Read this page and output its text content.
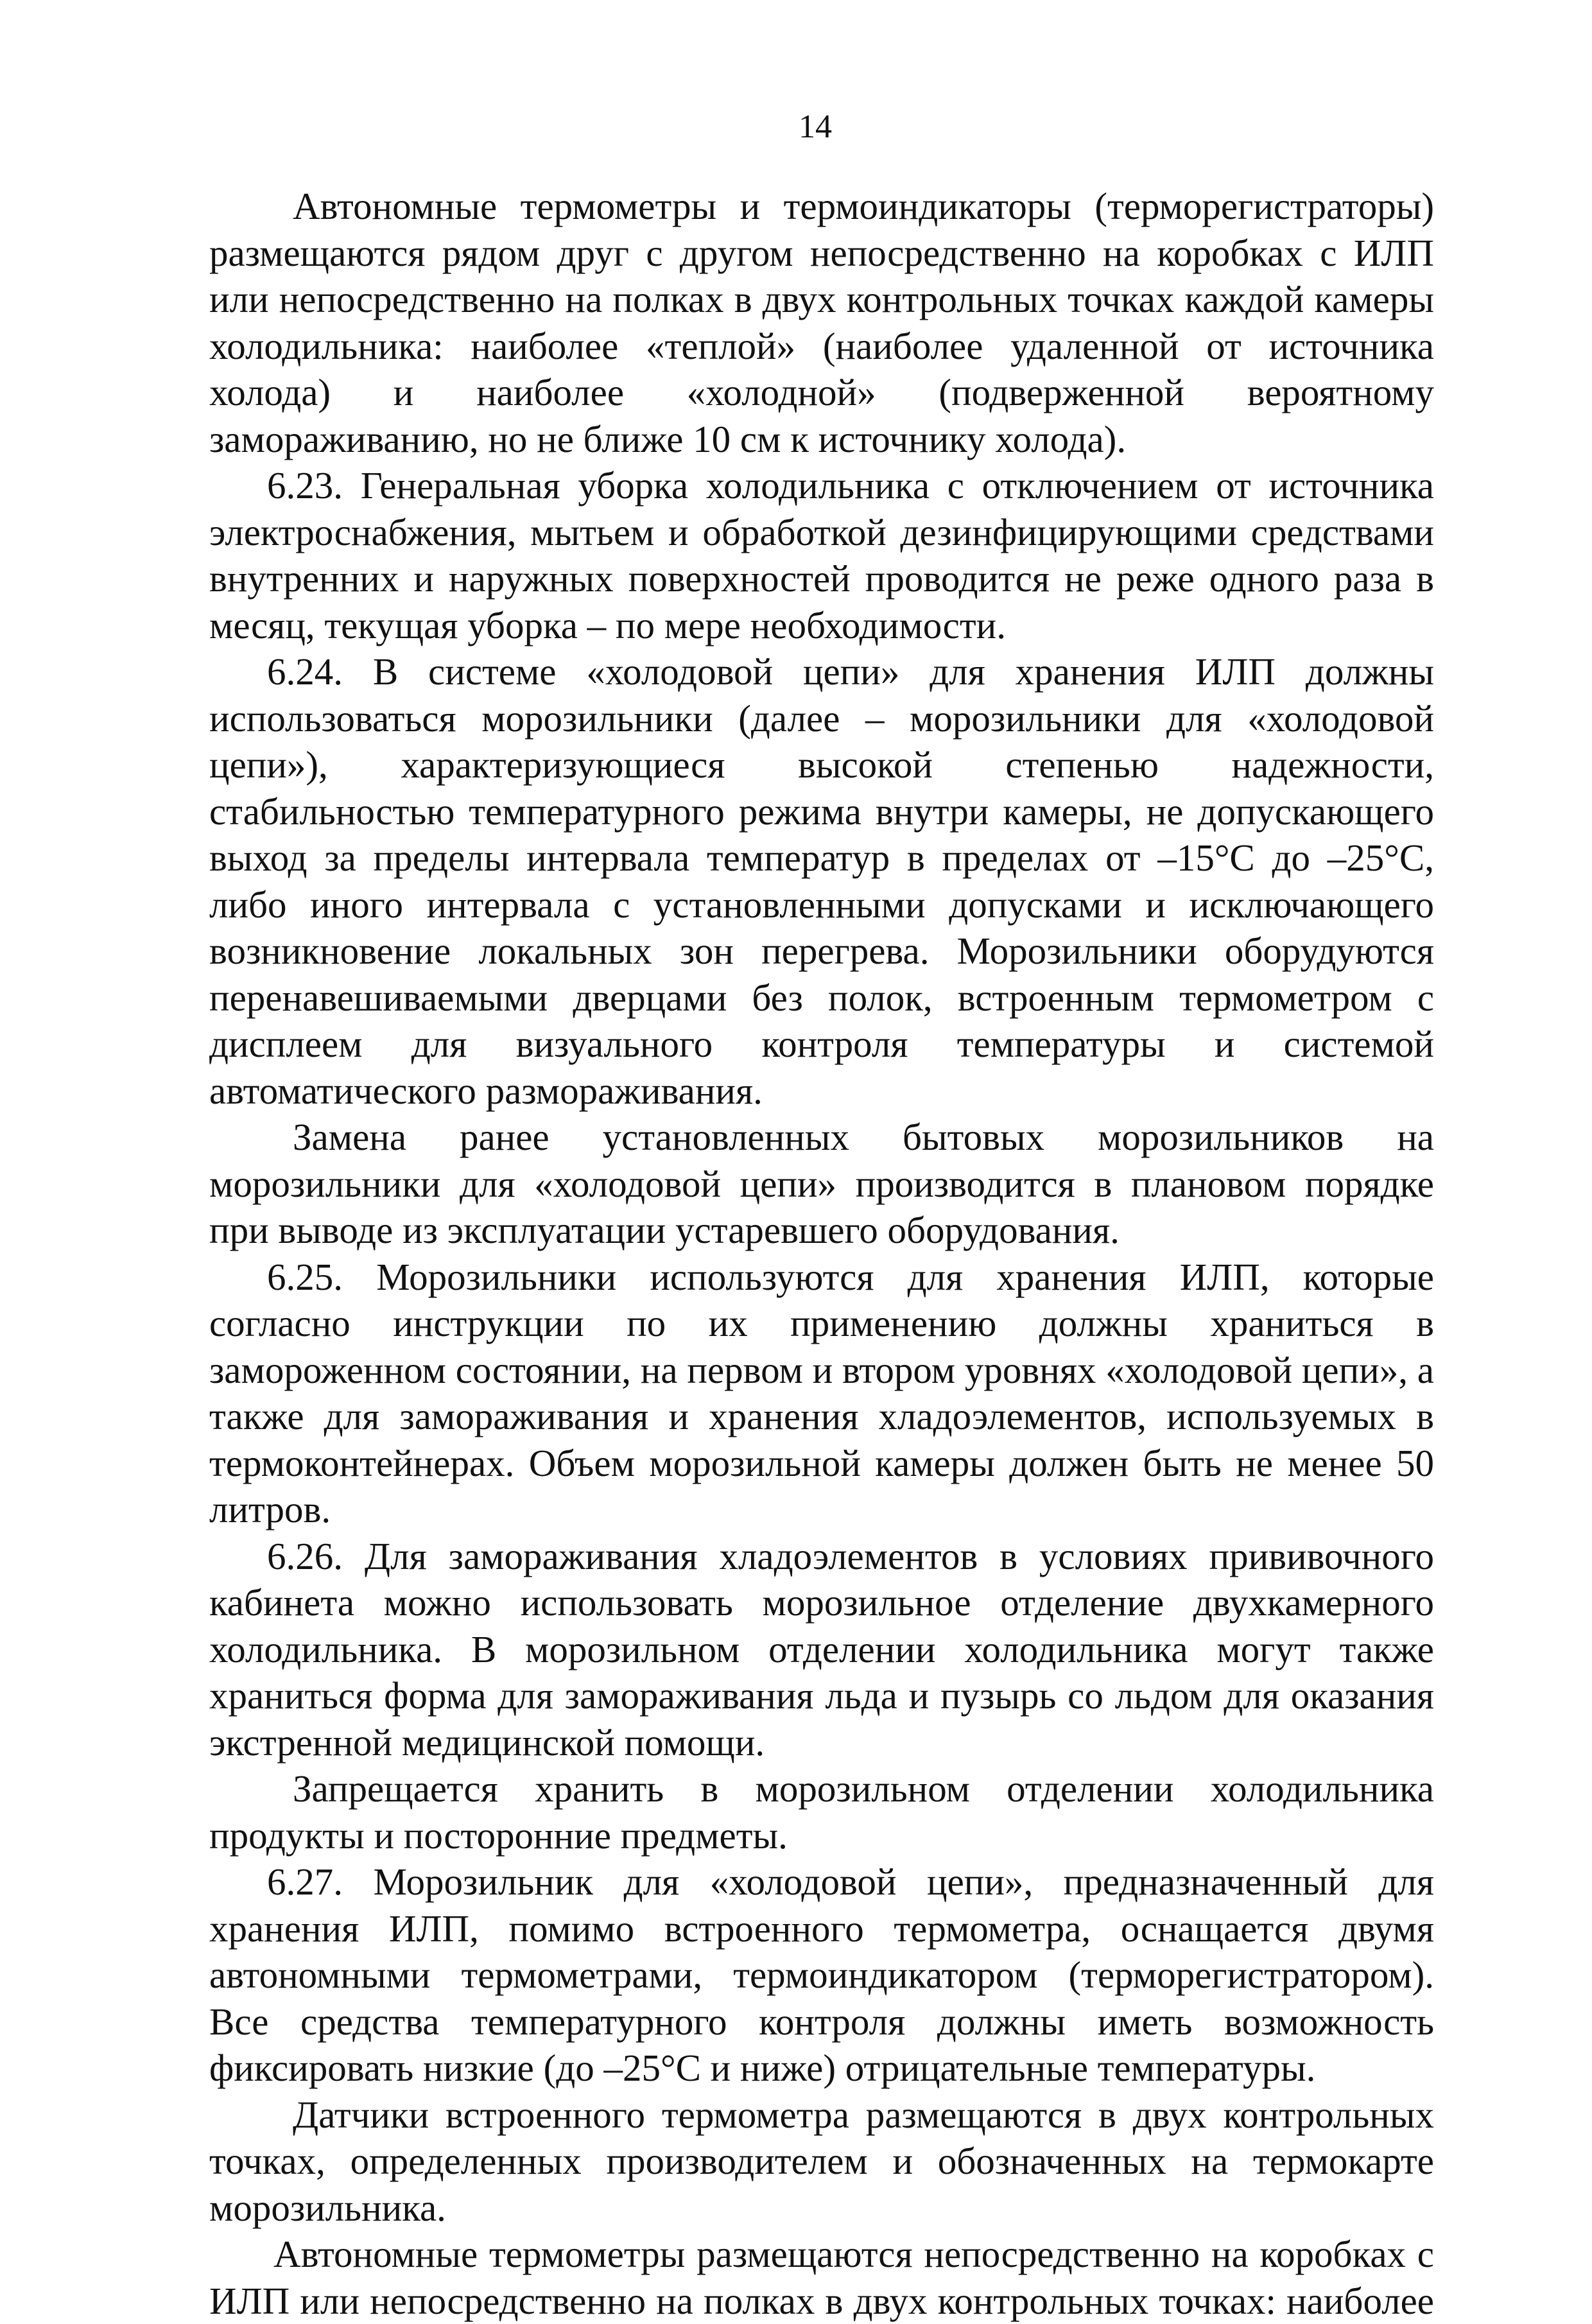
14

Автономные термометры и термоиндикаторы (терморегистраторы) размещаются рядом друг с другом непосредственно на коробках с ИЛП или непосредственно на полках в двух контрольных точках каждой камеры холодильника: наиболее «теплой» (наиболее удаленной от источника холода) и наиболее «холодной» (подверженной вероятному замораживанию, но не ближе 10 см к источнику холода).

6.23. Генеральная уборка холодильника с отключением от источника электроснабжения, мытьем и обработкой дезинфицирующими средствами внутренних и наружных поверхностей проводится не реже одного раза в месяц, текущая уборка – по мере необходимости.

6.24. В системе «холодовой цепи» для хранения ИЛП должны использоваться морозильники (далее – морозильники для «холодовой цепи»), характеризующиеся высокой степенью надежности, стабильностью температурного режима внутри камеры, не допускающего выход за пределы интервала температур в пределах от –15°С до –25°С, либо иного интервала с установленными допусками и исключающего возникновение локальных зон перегрева. Морозильники оборудуются перенавешиваемыми дверцами без полок, встроенным термометром с дисплеем для визуального контроля температуры и системой автоматического размораживания.

Замена ранее установленных бытовых морозильников на морозильники для «холодовой цепи» производится в плановом порядке при выводе из эксплуатации устаревшего оборудования.

6.25. Морозильники используются для хранения ИЛП, которые согласно инструкции по их применению должны храниться в замороженном состоянии, на первом и втором уровнях «холодовой цепи», а также для замораживания и хранения хладоэлементов, используемых в термоконтейнерах. Объем морозильной камеры должен быть не менее 50 литров.

6.26. Для замораживания хладоэлементов в условиях прививочного кабинета можно использовать морозильное отделение двухкамерного холодильника. В морозильном отделении холодильника могут также храниться форма для замораживания льда и пузырь со льдом для оказания экстренной медицинской помощи.

Запрещается хранить в морозильном отделении холодильника продукты и посторонние предметы.

6.27. Морозильник для «холодовой цепи», предназначенный для хранения ИЛП, помимо встроенного термометра, оснащается двумя автономными термометрами, термоиндикатором (терморегистратором). Все средства температурного контроля должны иметь возможность фиксировать низкие (до –25°С и ниже) отрицательные температуры.

Датчики встроенного термометра размещаются в двух контрольных точках, определенных производителем и обозначенных на термокарте морозильника.

Автономные термометры размещаются непосредственно на коробках с ИЛП или непосредственно на полках в двух контрольных точках: наиболее
